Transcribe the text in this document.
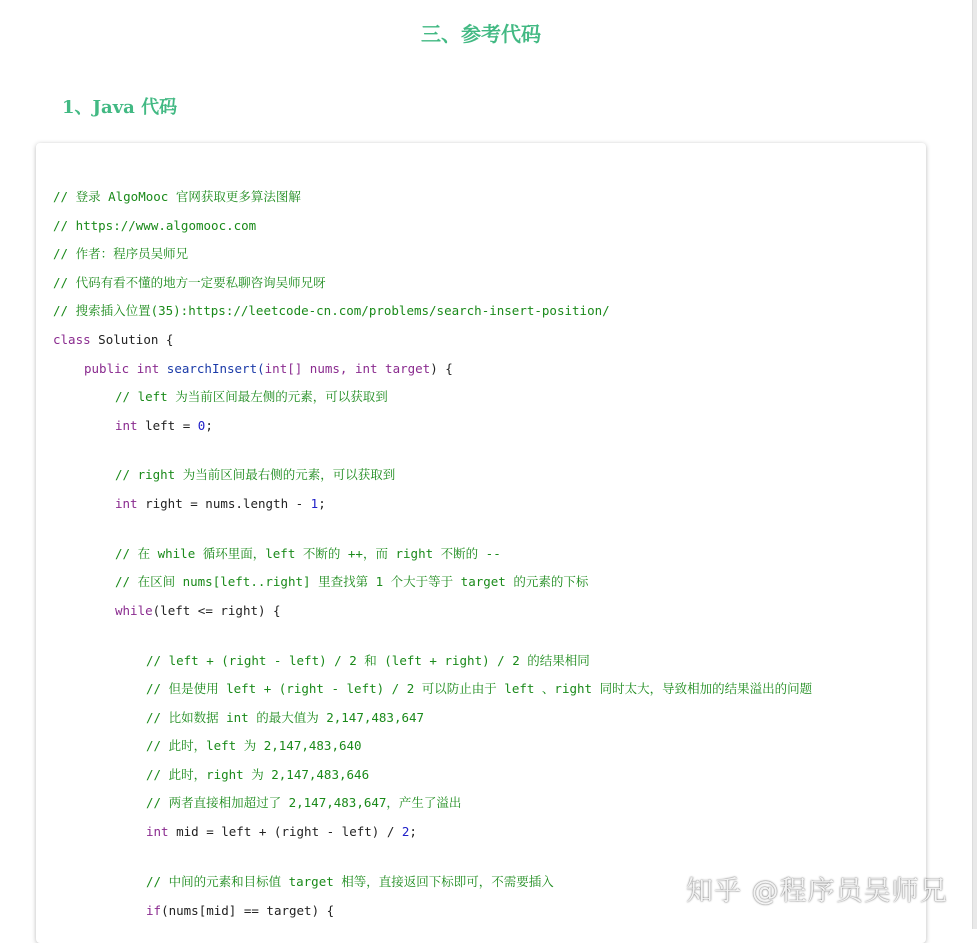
三、参考代码
1、Java 代码
// 登录 AlgoMooc 官网获取更多算法图解
// https://www.algomooc.com
// 作者：程序员吴师兄
// 代码有看不懂的地方一定要私聊咨询吴师兄呀
// 搜索插入位置(35):https://leetcode-cn.com/problems/search-insert-position/
class Solution {
public int searchInsert(int[] nums, int target) {
// left 为当前区间最左侧的元素，可以获取到
int left = 0;
// right 为当前区间最右侧的元素，可以获取到
int right = nums.length - 1;
// 在 while 循环里面，left 不断的 ++，而 right 不断的 --
// 在区间 nums[left..right] 里查找第 1 个大于等于 target 的元素的下标
while(left <= right) {
// left + (right - left) / 2 和 (left + right) / 2 的结果相同
// 但是使用 left + (right - left) / 2 可以防止由于 left 、right 同时太大，导致相加的结果溢出的问题
// 比如数据 int 的最大值为 2,147,483,647
// 此时，left 为 2,147,483,640
// 此时，right 为 2,147,483,646
// 两者直接相加超过了 2,147,483,647，产生了溢出
int mid = left + (right - left) / 2;
// 中间的元素和目标值 target 相等，直接返回下标即可，不需要插入
if(nums[mid] == target) {
知乎 @程序员吴师兄
